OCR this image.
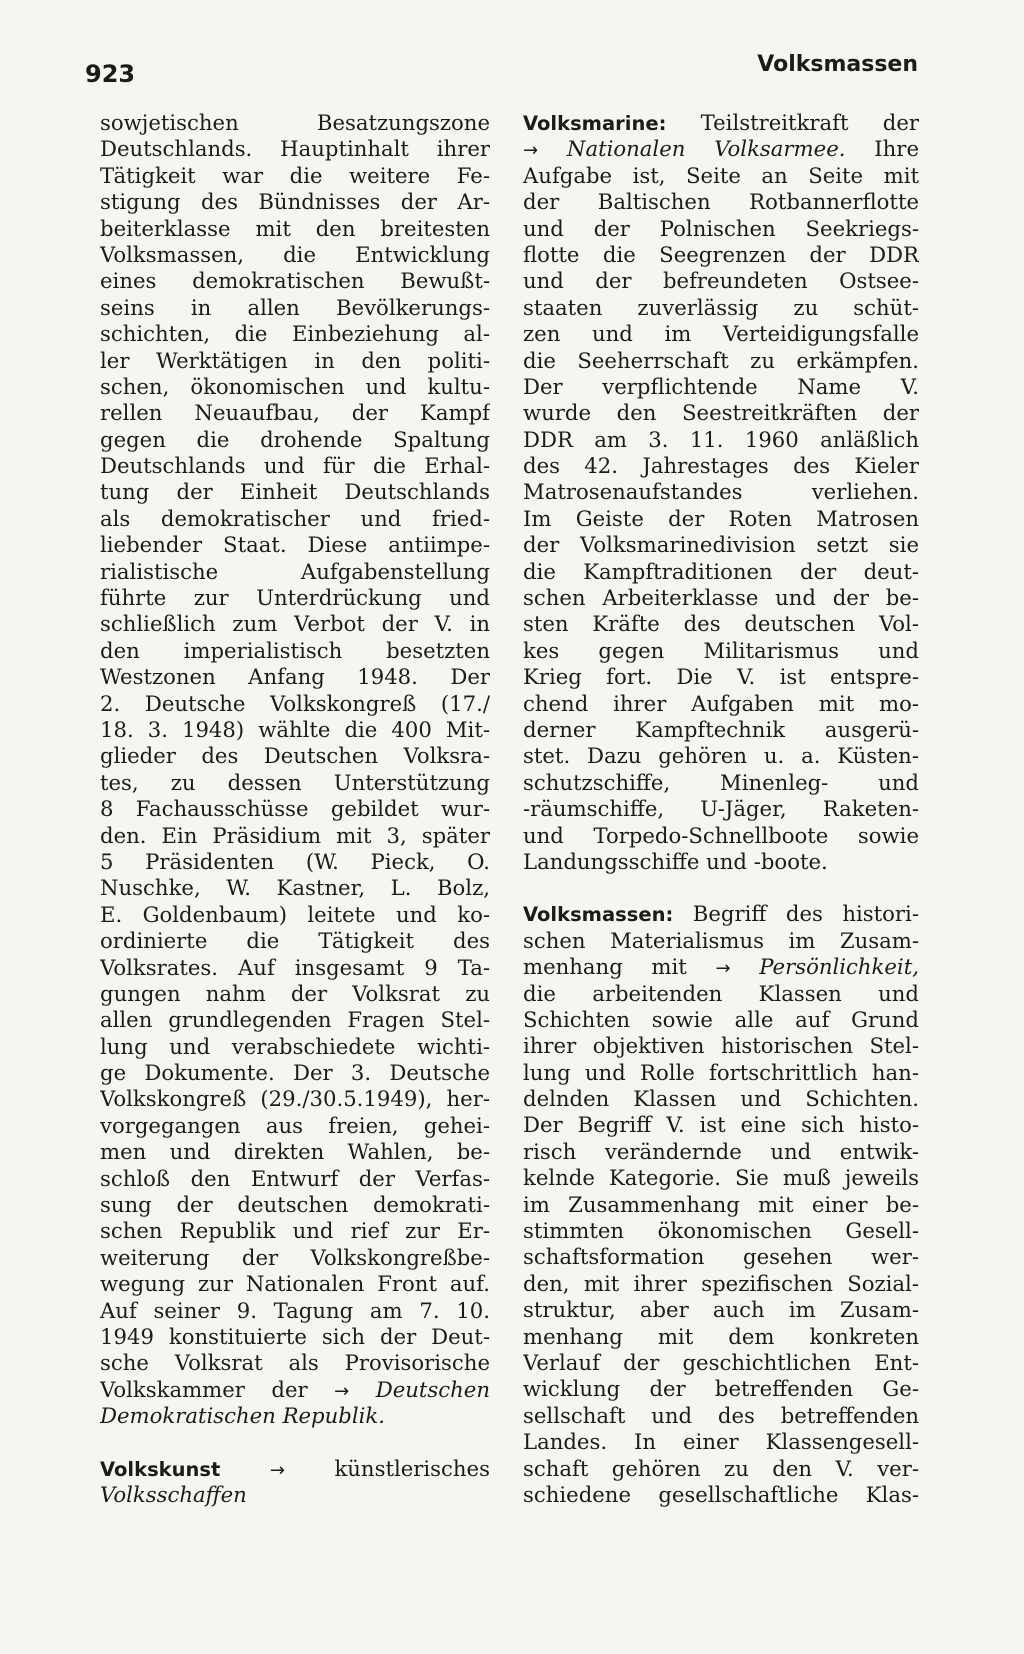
923	Volksmassen
sowjetischen Besatzungszone
Deutschlands. Hauptinhalt ihrer
Tätigkeit war die weitere Fe-
stigung des Bündnisses der Ar-
beiterklasse mit den breitesten
Volksmassen, die Entwicklung
eines demokratischen Bewußt-
seins in allen Bevölkerungs-
schichten, die Einbeziehung al-
ler Werktätigen in den politi-
schen, ökonomischen und kultu-
rellen Neuaufbau, der Kampf
gegen die drohende Spaltung
Deutschlands und für die Erhal-
tung der Einheit Deutschlands
als demokratischer und fried-
liebender Staat. Diese antiimpe-
rialistische Aufgabenstellung
führte zur Unterdrückung und
schließlich zum Verbot der V. in
den imperialistisch besetzten
Westzonen Anfang 1948. Der
2. Deutsche Volkskongreß (17./
18. 3. 1948) wählte die 400 Mit-
glieder des Deutschen Volksra-
tes, zu dessen Unterstützung
8 Fachausschüsse gebildet wur-
den. Ein Präsidium mit 3, später
5 Präsidenten (W. Pieck, O.
Nuschke, W. Kastner, L. Bolz,
E. Goldenbaum) leitete und ko-
ordinierte die Tätigkeit des
Volksrates. Auf insgesamt 9 Ta-
gungen nahm der Volksrat zu
allen grundlegenden Fragen Stel-
lung und verabschiedete wichti-
ge Dokumente. Der 3. Deutsche
Volkskongreß (29./30.5.1949), her-
vorgegangen aus freien, gehei-
men und direkten Wahlen, be-
schloß den Entwurf der Verfas-
sung der deutschen demokrati-
schen Republik und rief zur Er-
weiterung der Volkskongreßbe-
wegung zur Nationalen Front auf.
Auf seiner 9. Tagung am 7. 10.
1949 konstituierte sich der Deut-
sche Volksrat als Provisorische
Volkskammer der → Deutschen
Demokratischen Republik.
Volkskunst	→ künstlerisches
Volksschaffen
Volksmarine: Teilstreitkraft der
→ Nationalen Volksarmee. Ihre
Aufgabe ist, Seite an Seite mit
der Baltischen Rotbannerflotte
und der Polnischen Seekriegs-
flotte die Seegrenzen der DDR
und der befreundeten Ostsee-
staaten zuverlässig zu schüt-
zen und im Verteidigungsfalle
die Seeherrschaft zu erkämpfen.
Der verpflichtende Name V.
wurde den Seestreitkräften der
DDR am 3. 11. 1960 anläßlich
des 42. Jahrestages des Kieler
Matrosenaufstandes verliehen.
Im Geiste der Roten Matrosen
der Volksmarinedivision setzt sie
die Kampftraditionen der deut-
schen Arbeiterklasse und der be-
sten Kräfte des deutschen Vol-
kes gegen Militarismus und
Krieg fort. Die V. ist entspre-
chend ihrer Aufgaben mit mo-
derner Kampftechnik ausgerü-
stet. Dazu gehören u. a. Küsten-
schutzschiffe, Minenleg- und
-räumschiffe, U-Jäger, Raketen-
und Torpedo-Schnellboote sowie
Landungsschiffe und -boote.
Volksmassen: Begriff des histori-
schen Materialismus im Zusam-
menhang mit → Persönlichkeit,
die arbeitenden Klassen und
Schichten sowie alle auf Grund
ihrer objektiven historischen Stel-
lung und Rolle fortschrittlich han-
delnden Klassen und Schichten.
Der Begriff V. ist eine sich histo-
risch verändernde und entwik-
kelnde Kategorie. Sie muß jeweils
im Zusammenhang mit einer be-
stimmten ökonomischen Gesell-
schaftsformation gesehen wer-
den, mit ihrer spezifischen Sozial-
struktur, aber auch im Zusam-
menhang mit dem konkreten
Verlauf der geschichtlichen Ent-
wicklung der betreffenden Ge-
sellschaft und des betreffenden
Landes. In einer Klassengesell-
schaft gehören zu den V. ver-
schiedene gesellschaftliche Klas-
